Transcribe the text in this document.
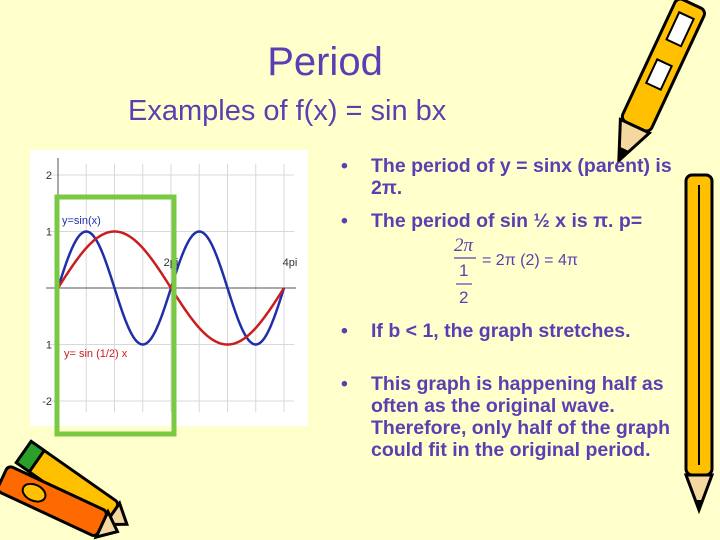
Period
Examples of f(x) = sin bx
2
1
1
-2
2pi	4pi
y=sin(x)
y= sin (1/2) x
• The period of y = sinx (parent) is 2π.
• The period of sin ½ x is π. p=
• If b < 1, the graph stretches.
• This graph is happening half as often as the original wave. Therefore, only half of the graph could fit in the original period.
2π
1
2
= 2π (2) = 4π
